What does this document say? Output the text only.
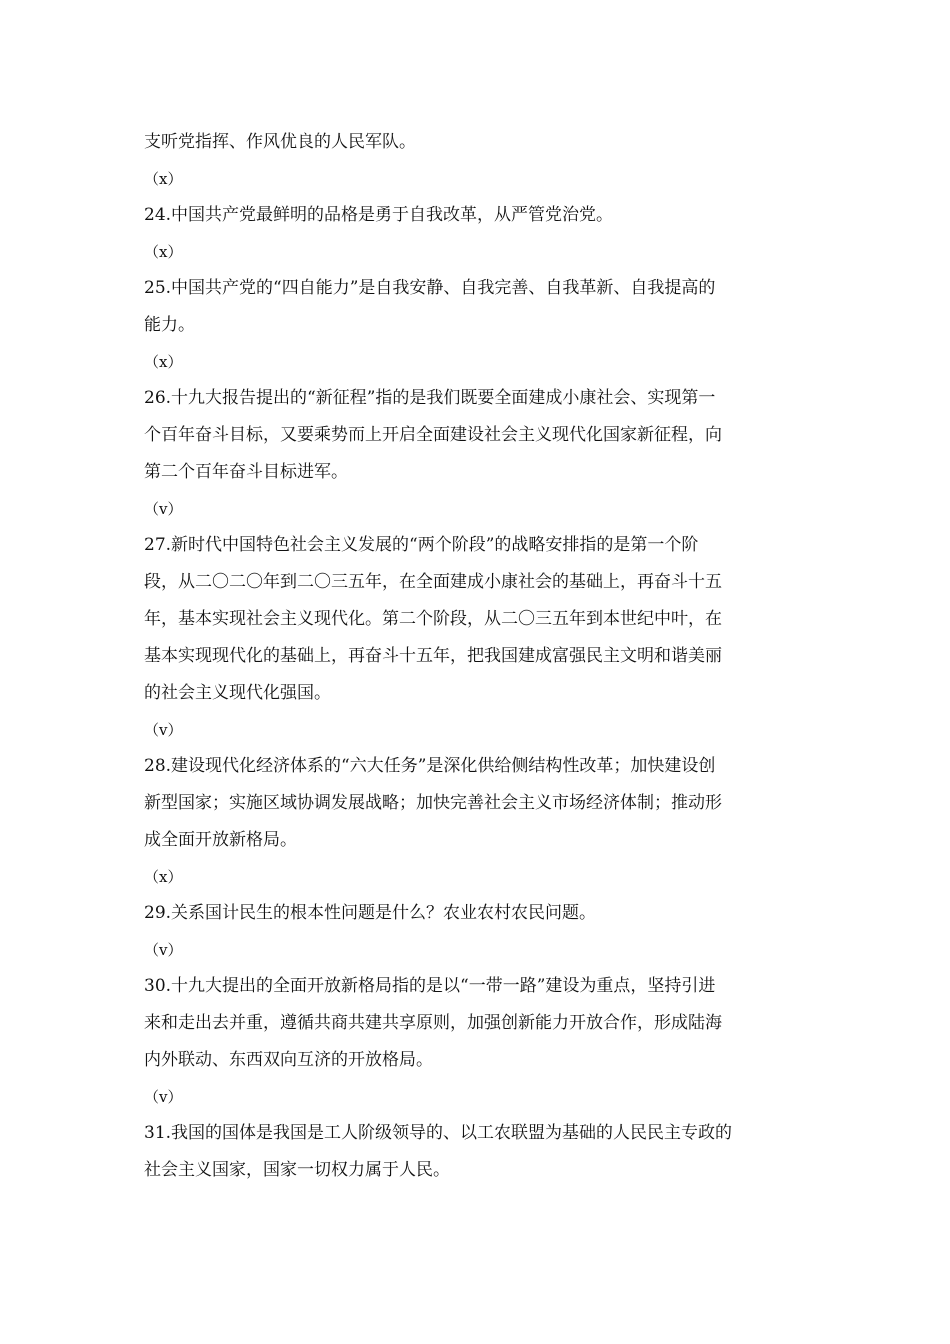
支听党指挥、作风优良的人民军队。
（x）
24.中国共产党最鲜明的品格是勇于自我改革，从严管党治党。
（x）
25.中国共产党的“四自能力”是自我安静、自我完善、自我革新、自我提高的
能力。
（x）
26.十九大报告提出的“新征程”指的是我们既要全面建成小康社会、实现第一
个百年奋斗目标，又要乘势而上开启全面建设社会主义现代化国家新征程，向
第二个百年奋斗目标进军。
（v）
27.新时代中国特色社会主义发展的“两个阶段”的战略安排指的是第一个阶
段，从二〇二〇年到二〇三五年，在全面建成小康社会的基础上，再奋斗十五
年，基本实现社会主义现代化。第二个阶段，从二〇三五年到本世纪中叶，在
基本实现现代化的基础上，再奋斗十五年，把我国建成富强民主文明和谐美丽
的社会主义现代化强国。
（v）
28.建设现代化经济体系的“六大任务”是深化供给侧结构性改革；加快建设创
新型国家；实施区域协调发展战略；加快完善社会主义市场经济体制；推动形
成全面开放新格局。
（x）
29.关系国计民生的根本性问题是什么？农业农村农民问题。
（v）
30.十九大提出的全面开放新格局指的是以“一带一路”建设为重点，坚持引进
来和走出去并重，遵循共商共建共享原则，加强创新能力开放合作，形成陆海
内外联动、东西双向互济的开放格局。
（v）
31.我国的国体是我国是工人阶级领导的、以工农联盟为基础的人民民主专政的
社会主义国家，国家一切权力属于人民。
